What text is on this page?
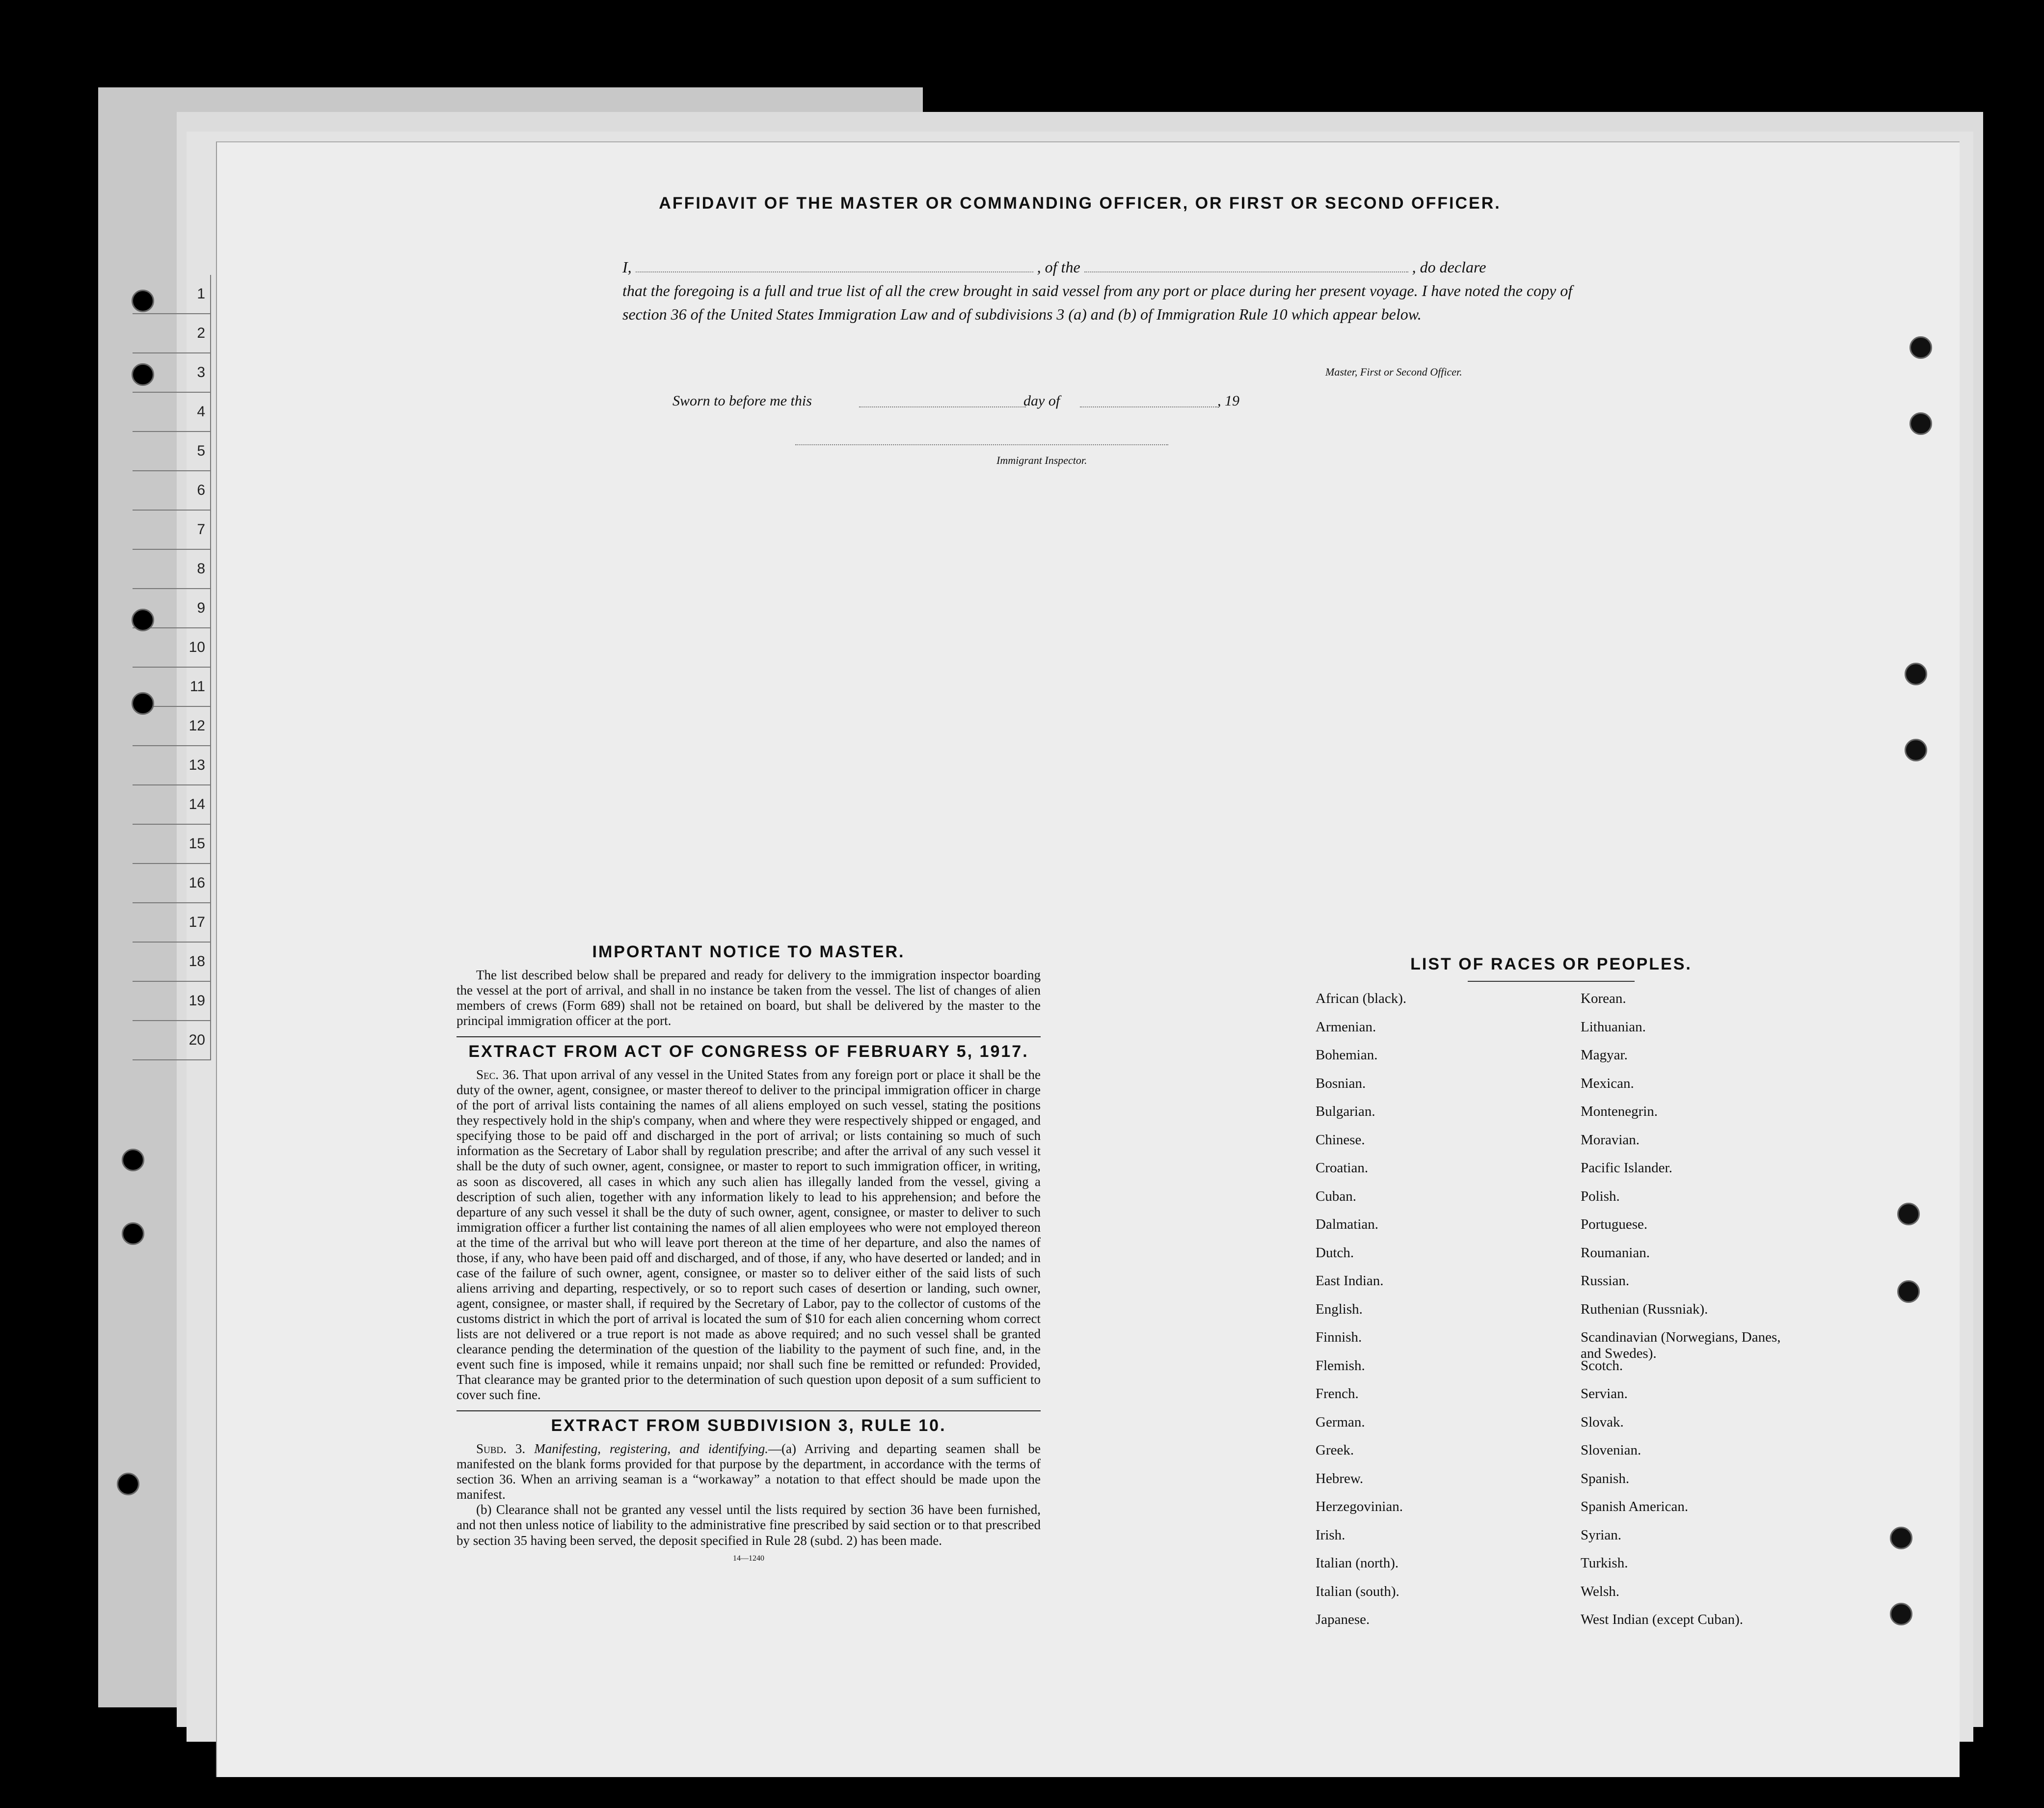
1
2
3
4
5
6
7
8
9
10
11
12
13
14
15
16
17
18
19
20
AFFIDAVIT OF THE MASTER OR COMMANDING OFFICER, OR FIRST OR SECOND OFFICER.
I,	, of the	, do declare
that the foregoing is a full and true list of all the crew brought in said vessel from any port or place during her present voyage. I have noted the copy of section 36 of the United States Immigration Law and of subdivisions 3 (a) and (b) of Immigration Rule 10 which appear below.
Master, First or Second Officer.
Sworn to before me this	day of	, 19
Immigrant Inspector.
IMPORTANT NOTICE TO MASTER.

The list described below shall be prepared and ready for delivery to the immigration inspector boarding the vessel at the port of arrival, and shall in no instance be taken from the vessel. The list of changes of alien members of crews (Form 689) shall not be retained on board, but shall be delivered by the master to the principal immigration officer at the port.

EXTRACT FROM ACT OF CONGRESS OF FEBRUARY 5, 1917.

Sec. 36. That upon arrival of any vessel in the United States from any foreign port or place it shall be the duty of the owner, agent, consignee, or master thereof to deliver to the principal immigration officer in charge of the port of arrival lists containing the names of all aliens employed on such vessel, stating the positions they respectively hold in the ship's company, when and where they were respectively shipped or engaged, and specifying those to be paid off and discharged in the port of arrival; or lists containing so much of such information as the Secretary of Labor shall by regulation prescribe; and after the arrival of any such vessel it shall be the duty of such owner, agent, consignee, or master to report to such immigration officer, in writing, as soon as discovered, all cases in which any such alien has illegally landed from the vessel, giving a description of such alien, together with any information likely to lead to his apprehension; and before the departure of any such vessel it shall be the duty of such owner, agent, consignee, or master to deliver to such immigration officer a further list containing the names of all alien employees who were not employed thereon at the time of the arrival but who will leave port thereon at the time of her departure, and also the names of those, if any, who have been paid off and discharged, and of those, if any, who have deserted or landed; and in case of the failure of such owner, agent, consignee, or master so to deliver either of the said lists of such aliens arriving and departing, respectively, or so to report such cases of desertion or landing, such owner, agent, consignee, or master shall, if required by the Secretary of Labor, pay to the collector of customs of the customs district in which the port of arrival is located the sum of $10 for each alien concerning whom correct lists are not delivered or a true report is not made as above required; and no such vessel shall be granted clearance pending the determination of the question of the liability to the payment of such fine, and, in the event such fine is imposed, while it remains unpaid; nor shall such fine be remitted or refunded: Provided, That clearance may be granted prior to the determination of such question upon deposit of a sum sufficient to cover such fine.

EXTRACT FROM SUBDIVISION 3, RULE 10.

Subd. 3. Manifesting, registering, and identifying.—(a) Arriving and departing seamen shall be manifested on the blank forms provided for that purpose by the department, in accordance with the terms of section 36. When an arriving seaman is a “workaway” a notation to that effect should be made upon the manifest.

(b) Clearance shall not be granted any vessel until the lists required by section 36 have been furnished, and not then unless notice of liability to the administrative fine prescribed by said section or to that prescribed by section 35 having been served, the deposit specified in Rule 28 (subd. 2) has been made.

14—1240
LIST OF RACES OR PEOPLES.
African (black).
Armenian.
Bohemian.
Bosnian.
Bulgarian.
Chinese.
Croatian.
Cuban.
Dalmatian.
Dutch.
East Indian.
English.
Finnish.
Flemish.
French.
German.
Greek.
Hebrew.
Herzegovinian.
Irish.
Italian (north).
Italian (south).
Japanese.
Korean.
Lithuanian.
Magyar.
Mexican.
Montenegrin.
Moravian.
Pacific Islander.
Polish.
Portuguese.
Roumanian.
Russian.
Ruthenian (Russniak).
Scandinavian (Norwegians, Danes, and Swedes).
Scotch.
Servian.
Slovak.
Slovenian.
Spanish.
Spanish American.
Syrian.
Turkish.
Welsh.
West Indian (except Cuban).
